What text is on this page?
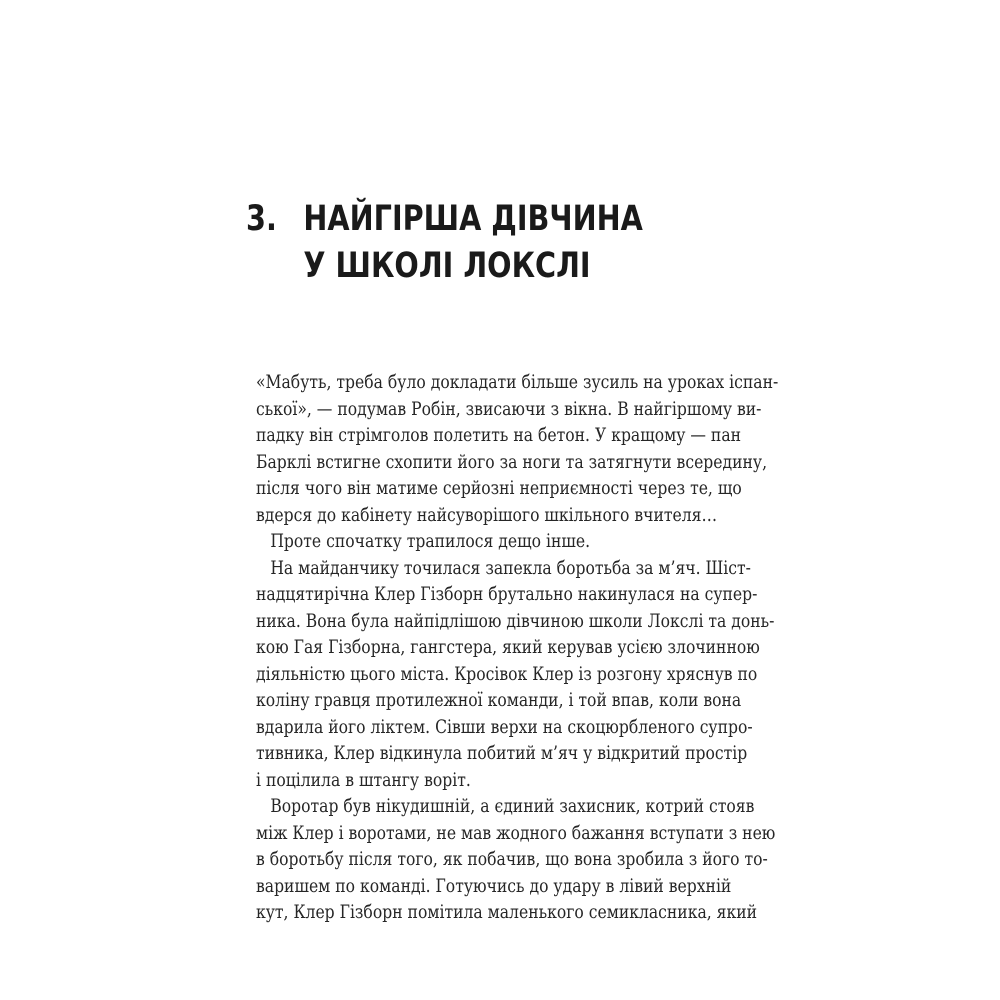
3. НАЙГІРША ДІВЧИНА
У ШКОЛІ ЛОКСЛІ
«Мабуть, треба було докладати більше зусиль на уроках іспан-
ської», — подумав Робін, звисаючи з вікна. В найгіршому ви-
падку він стрімголов полетить на бетон. У кращому — пан
Барклі встигне схопити його за ноги та затягнути всередину,
після чого він матиме серйозні неприємності через те, що
вдерся до кабінету найсуворішого шкільного вчителя…
Проте спочатку трапилося дещо інше.
На майданчику точилася запекла боротьба за м’яч. Шіст-
надцятирічна Клер Гізборн брутально накинулася на супер-
ника. Вона була найпідлішою дівчиною школи Локслі та донь-
кою Гая Гізборна, гангстера, який керував усією злочинною
діяльністю цього міста. Кросівок Клер із розгону хряснув по
коліну гравця протилежної команди, і той впав, коли вона
вдарила його ліктем. Сівши верхи на скоцюрбленого супро-
тивника, Клер відкинула побитий м’яч у відкритий простір
і поцілила в штангу воріт.
Воротар був нікудишній, а єдиний захисник, котрий стояв
між Клер і воротами, не мав жодного бажання вступати з нею
в боротьбу після того, як побачив, що вона зробила з його то-
варишем по команді. Готуючись до удару в лівий верхній
кут, Клер Гізборн помітила маленького семикласника, який
